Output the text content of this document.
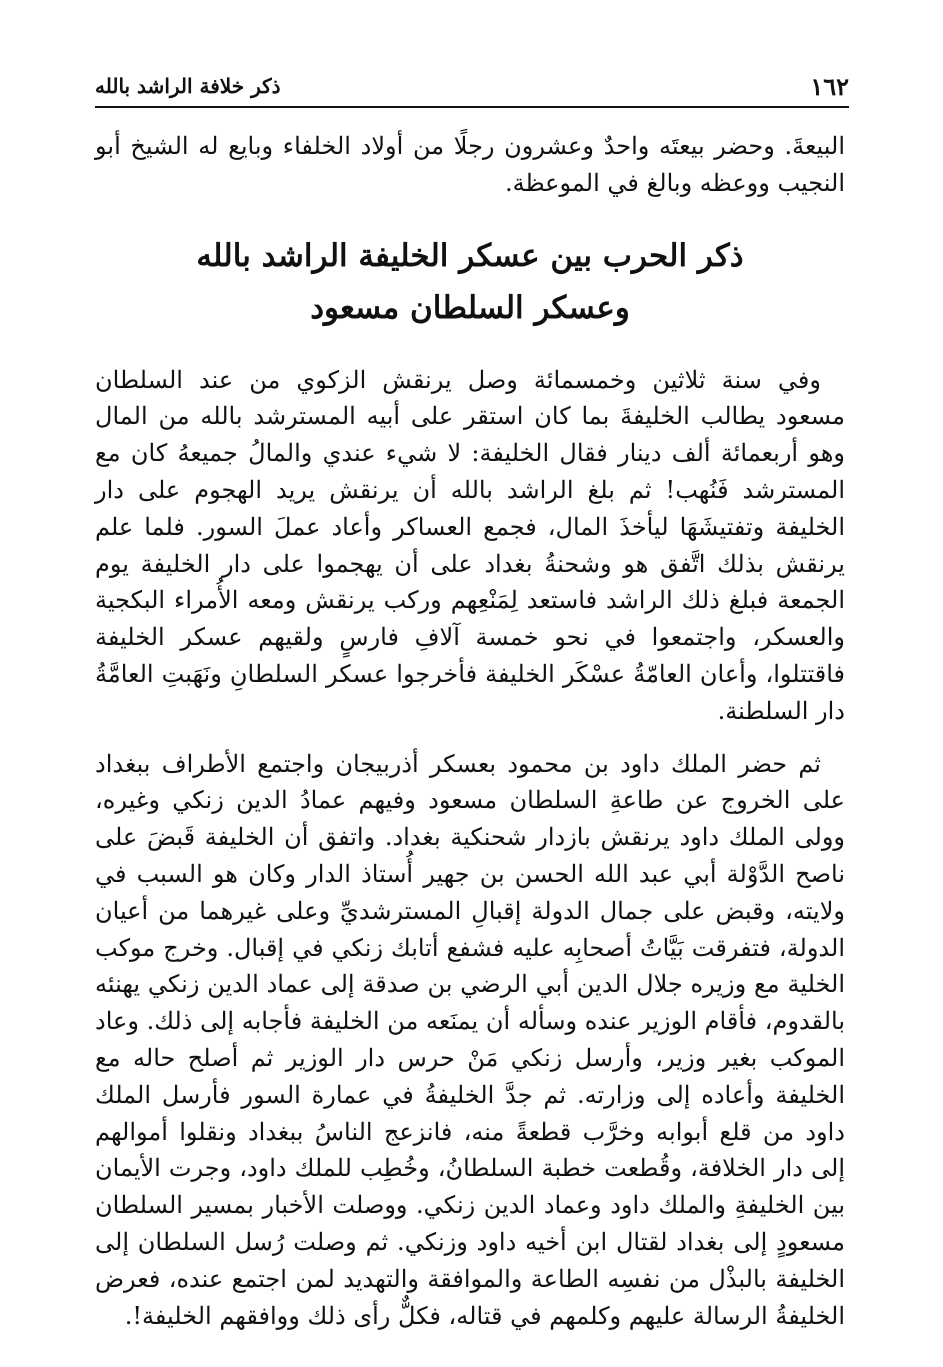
١٦٢
ذكر خلافة الراشد بالله

البيعةَ. وحضر بيعتَه واحدٌ وعشرون رجلًا من أولاد الخلفاء وبايع له الشيخ أبو النجيب ووعظه وبالغ في الموعظة.

ذكر الحرب بين عسكر الخليفة الراشد بالله
وعسكر السلطان مسعود

وفي سنة ثلاثين وخمسمائة وصل يرنقش الزكوي من عند السلطان مسعود يطالب الخليفةَ بما كان استقر على أبيه المسترشد بالله من المال وهو أربعمائة ألف دينار فقال الخليفة: لا شيء عندي والمالُ جميعهُ كان مع المسترشد فَنُهب! ثم بلغ الراشد بالله أن يرنقش يريد الهجوم على دار الخليفة وتفتيشَهَا ليأخذَ المال، فجمع العساكر وأعاد عملَ السور. فلما علم يرنقش بذلك اتَّفق هو وشحنةُ بغداد على أن يهجموا على دار الخليفة يوم الجمعة فبلغ ذلك الراشد فاستعد لِمَنْعِهم وركب يرنقش ومعه الأُمراء البكجية والعسكر، واجتمعوا في نحو خمسة آلافِ فارسٍ ولقيهم عسكر الخليفة فاقتتلوا، وأعان العامّةُ عسْكَر الخليفة فأخرجوا عسكر السلطانِ ونَهَبتِ العامَّةُ دار السلطنة.

ثم حضر الملك داود بن محمود بعسكر أذربيجان واجتمع الأطراف ببغداد على الخروج عن طاعةِ السلطان مسعود وفيهم عمادُ الدين زنكي وغيره، وولى الملك داود يرنقش بازدار شحنكية بغداد. واتفق أن الخليفة قَبضَ على ناصح الدَّوْلة أبي عبد الله الحسن بن جهير أُستاذ الدار وكان هو السبب في ولايته، وقبض على جمال الدولة إقبالِ المسترشديِّ وعلى غيرهما من أعيان الدولة، فتفرقت بَيَّاتُ أصحابِه عليه فشفع أتابك زنكي في إقبال. وخرج موكب الخلية مع وزيره جلال الدين أبي الرضي بن صدقة إلى عماد الدين زنكي يهنئه بالقدوم، فأقام الوزير عنده وسأله أن يمنَعه من الخليفة فأجابه إلى ذلك. وعاد الموكب بغير وزير، وأرسل زنكي مَنْ حرس دار الوزير ثم أصلح حاله مع الخليفة وأعاده إلى وزارته. ثم جدَّ الخليفةُ في عمارة السور فأرسل الملك داود من قلع أبوابه وخرَّب قطعةً منه، فانزعج الناسُ ببغداد ونقلوا أموالهم إلى دار الخلافة، وقُطعت خطبة السلطانُ، وخُطِب للملك داود، وجرت الأيمان بين الخليفةِ والملك داود وعماد الدين زنكي. ووصلت الأخبار بمسير السلطان مسعودٍ إلى بغداد لقتال ابن أخيه داود وزنكي. ثم وصلت رُسل السلطان إلى الخليفة بالبذْل من نفسِه الطاعة والموافقة والتهديد لمن اجتمع عنده، فعرض الخليفةُ الرسالة عليهم وكلمهم في قتاله، فكلٌّ رأى ذلك ووافقهم الخليفة!.
